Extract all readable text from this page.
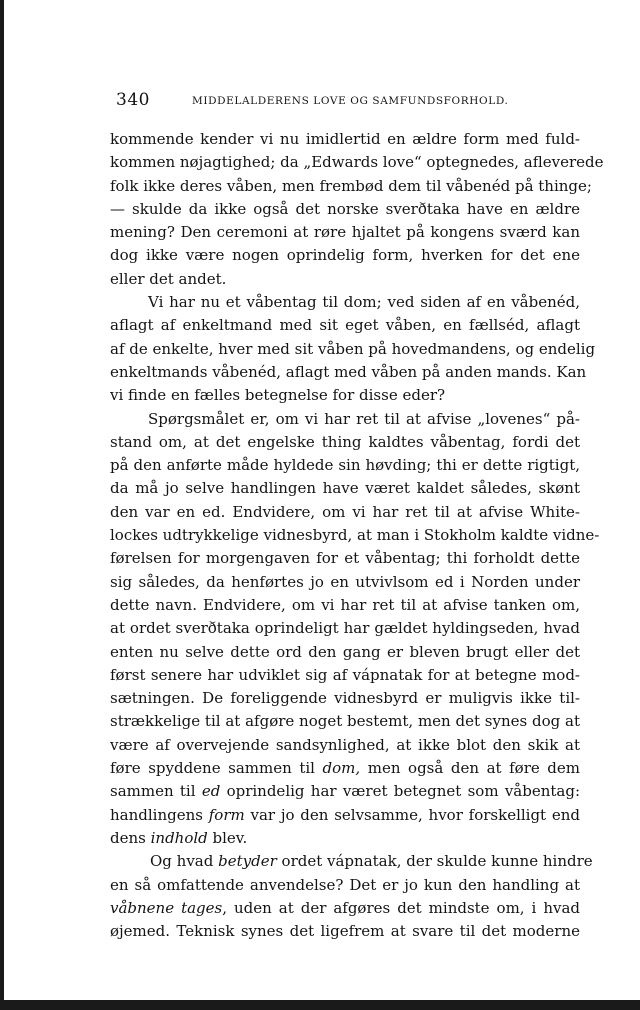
340	MIDDELALDERENS LOVE OG SAMFUNDSFORHOLD.
kommende kender vi nu imidlertid en ældre form med fuld-
kommen nøjagtighed; da „Edwards love“ optegnedes, afleverede
folk ikke deres våben, men frembød dem til våbenéd på thinge;
— skulde da ikke også det norske sverðtaka have en ældre
mening? Den ceremoni at røre hjaltet på kongens sværd kan
dog ikke være nogen oprindelig form, hverken for det ene
eller det andet.
Vi har nu et våbentag til dom; ved siden af en våbenéd,
aflagt af enkeltmand med sit eget våben, en fællséd, aflagt
af de enkelte, hver med sit våben på hovedmandens, og endelig
enkeltmands våbenéd, aflagt med våben på anden mands. Kan
vi finde en fælles betegnelse for disse eder?
Spørgsmålet er, om vi har ret til at afvise „lovenes“ på-
stand om, at det engelske thing kaldtes våbentag, fordi det
på den anførte måde hyldede sin høvding; thi er dette rigtigt,
da må jo selve handlingen have været kaldet således, skønt
den var en ed. Endvidere, om vi har ret til at afvise White-
lockes udtrykkelige vidnesbyrd, at man i Stokholm kaldte vidne-
førelsen for morgengaven for et våbentag; thi forholdt dette
sig således, da henførtes jo en utvivlsom ed i Norden under
dette navn. Endvidere, om vi har ret til at afvise tanken om,
at ordet sverðtaka oprindeligt har gældet hyldingseden, hvad
enten nu selve dette ord den gang er bleven brugt eller det
først senere har udviklet sig af vápnatak for at betegne mod-
sætningen. De foreliggende vidnesbyrd er muligvis ikke til-
strækkelige til at afgøre noget bestemt, men det synes dog at
være af overvejende sandsynlighed, at ikke blot den skik at
føre spyddene sammen til dom, men også den at føre dem
sammen til ed oprindelig har været betegnet som våbentag:
handlingens form var jo den selvsamme, hvor forskelligt end
dens indhold blev.
Og hvad betyder ordet vápnatak, der skulde kunne hindre
en så omfattende anvendelse? Det er jo kun den handling at
våbnene tages, uden at der afgøres det mindste om, i hvad
øjemed. Teknisk synes det ligefrem at svare til det moderne
